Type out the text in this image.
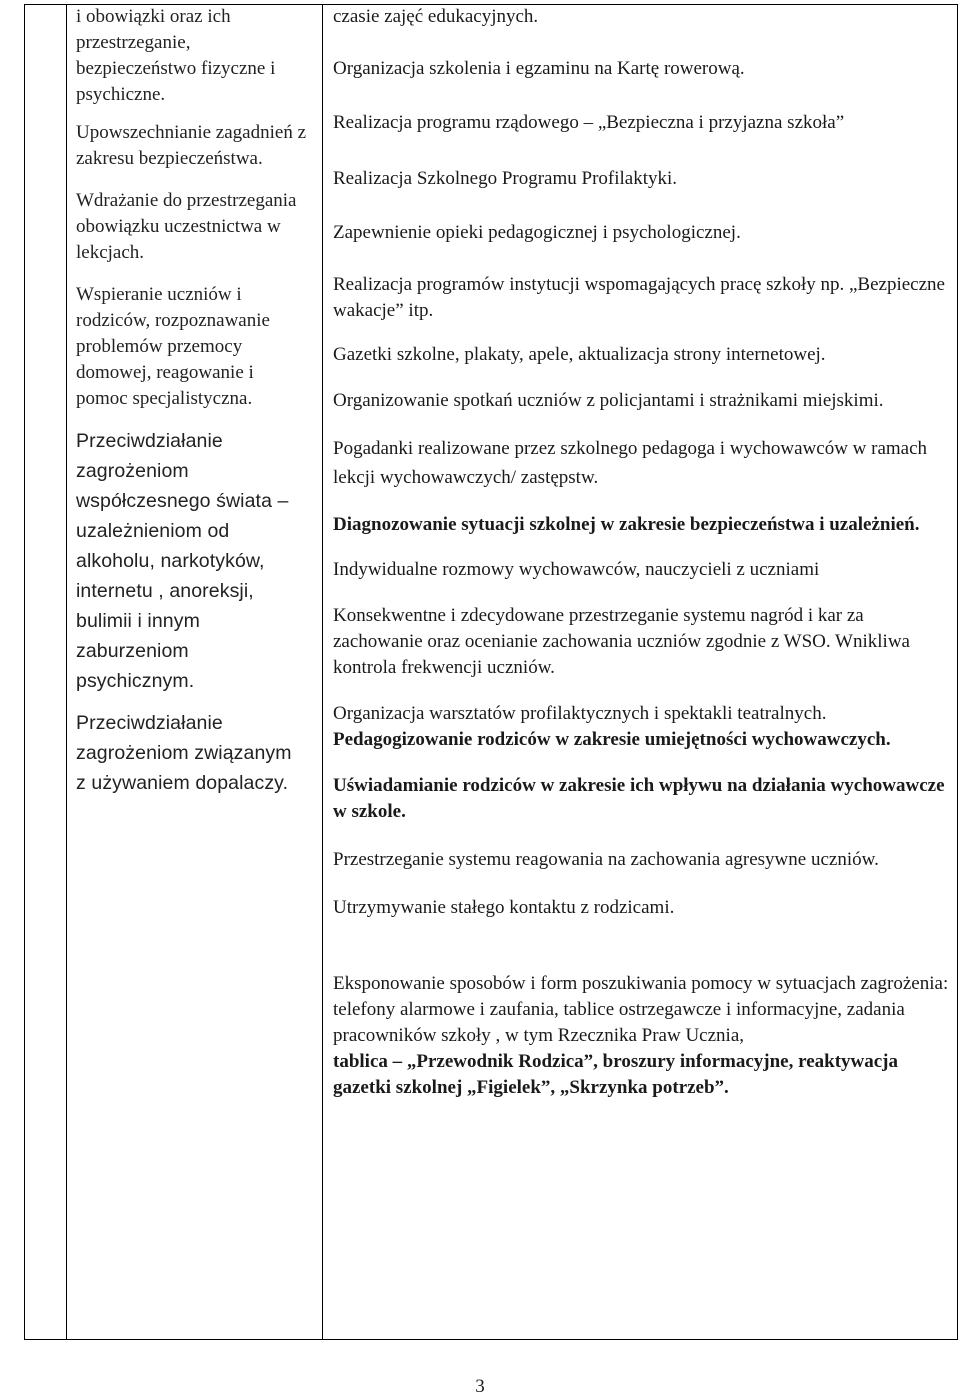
i obowiązki oraz ich przestrzeganie, bezpieczeństwo fizyczne i psychiczne.

Upowszechnianie zagadnień z zakresu bezpieczeństwa.

Wdrażanie do przestrzegania obowiązku uczestnictwa w lekcjach.

Wspieranie uczniów i rodziców, rozpoznawanie problemów przemocy domowej, reagowanie i pomoc specjalistyczna.

Przeciwdziałanie zagrożeniom współczesnego świata – uzależnieniom od alkoholu, narkotyków, internetu , anoreksji, bulimii i innym zaburzeniom psychicznym.

Przeciwdziałanie zagrożeniom związanym z używaniem dopalaczy.

czasie zajęć edukacyjnych.

Organizacja szkolenia i egzaminu na Kartę rowerową.

Realizacja programu rządowego – „Bezpieczna i przyjazna szkoła”

Realizacja Szkolnego Programu Profilaktyki.

Zapewnienie opieki pedagogicznej i psychologicznej.

Realizacja programów instytucji wspomagających pracę szkoły np. „Bezpieczne wakacje” itp.

Gazetki szkolne, plakaty, apele, aktualizacja strony internetowej.

Organizowanie spotkań uczniów z policjantami i strażnikami miejskimi.

Pogadanki realizowane przez szkolnego pedagoga i wychowawców w ramach lekcji wychowawczych/ zastępstw.

Diagnozowanie sytuacji szkolnej w zakresie bezpieczeństwa i uzależnień.

Indywidualne rozmowy wychowawców, nauczycieli z uczniami

Konsekwentne i zdecydowane przestrzeganie systemu nagród i kar za zachowanie oraz ocenianie zachowania uczniów zgodnie z WSO. Wnikliwa kontrola frekwencji uczniów.

Organizacja warsztatów profilaktycznych i spektakli teatralnych.

Pedagogizowanie rodziców w zakresie umiejętności wychowawczych.

Uświadamianie rodziców w zakresie ich wpływu na działania wychowawcze w szkole.

Przestrzeganie systemu reagowania na zachowania agresywne uczniów.

Utrzymywanie stałego kontaktu z rodzicami.

Eksponowanie sposobów i form poszukiwania pomocy w sytuacjach zagrożenia: telefony alarmowe i zaufania, tablice ostrzegawcze i informacyjne, zadania pracowników szkoły , w tym Rzecznika Praw Ucznia,
tablica – „Przewodnik Rodzica”, broszury informacyjne, reaktywacja gazetki szkolnej „Figielek”, „Skrzynka potrzeb”.

3
